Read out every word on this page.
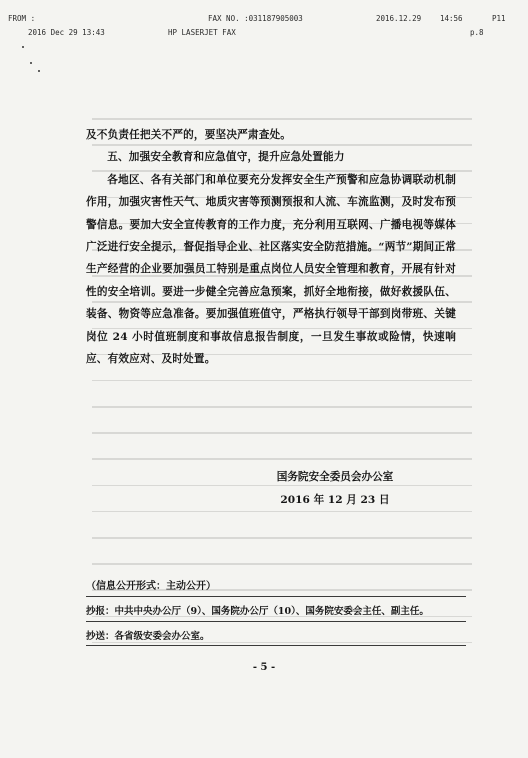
FROM :	FAX NO. :031187905003	2016.12.29	14:56	P11
2016 Dec 29 13:43	HP LASERJET FAX	p.8

及不负责任把关不严的，要坚决严肃查处。

五、加强安全教育和应急值守，提升应急处置能力

各地区、各有关部门和单位要充分发挥安全生产预警和应急协调联动机制作用，加强灾害性天气、地质灾害等预测预报和人流、车流监测，及时发布预警信息。要加大安全宣传教育的工作力度，充分利用互联网、广播电视等媒体广泛进行安全提示，督促指导企业、社区落实安全防范措施。“两节”期间正常生产经营的企业要加强员工特别是重点岗位人员安全管理和教育，开展有针对性的安全培训。要进一步健全完善应急预案，抓好全地衔接，做好救援队伍、装备、物资等应急准备。要加强值班值守，严格执行领导干部到岗带班、关键岗位 24 小时值班制度和事故信息报告制度，一旦发生事故或险情，快速响应、有效应对、及时处置。

国务院安全委员会办公室
2016 年 12 月 23 日
（信息公开形式：主动公开）
抄报：中共中央办公厅（9）、国务院办公厅（10）、国务院安委会主任、副主任。
抄送：各省级安委会办公室。
- 5 -
